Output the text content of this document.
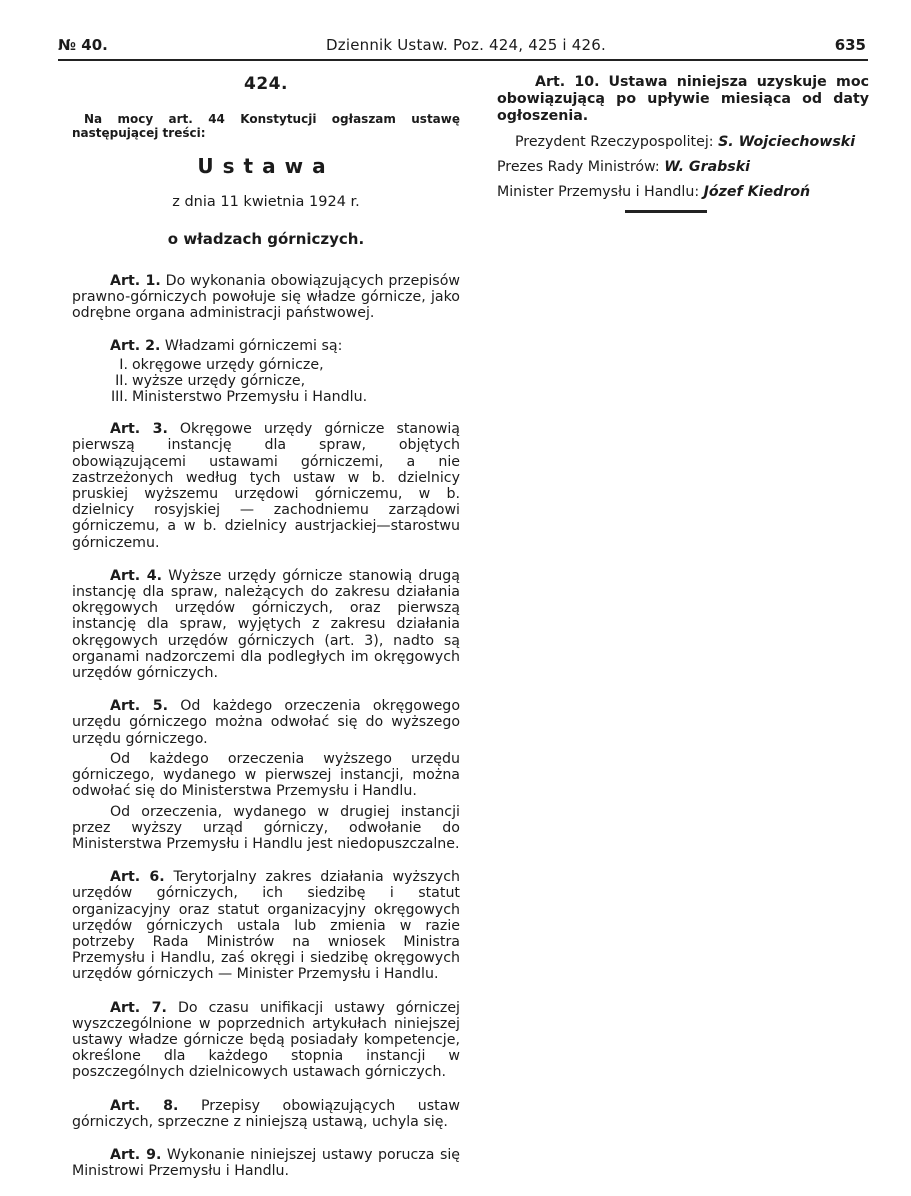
№ 40.	Dziennik Ustaw. Poz. 424, 425 i 426.	635
424.

Na mocy art. 44 Konstytucji ogłaszam ustawę następującej treści:

Ustawa
z dnia 11 kwietnia 1924 r.
o władzach górniczych.

Art. 1. Do wykonania obowiązujących przepisów prawno-górniczych powołuje się władze górnicze, jako odrębne organa administracji państwowej.

Art. 2. Władzami górniczemi są:

I. okręgowe urzędy górnicze,
II. wyższe urzędy górnicze,
III. Ministerstwo Przemysłu i Handlu.

Art. 3. Okręgowe urzędy górnicze stanowią pierwszą instancję dla spraw, objętych obowiązującemi ustawami górniczemi, a nie zastrzeżonych według tych ustaw w b. dzielnicy pruskiej wyższemu urzędowi górniczemu, w b. dzielnicy rosyjskiej — zachodniemu zarządowi górniczemu, a w b. dzielnicy austrjackiej—starostwu górniczemu.

Art. 4. Wyższe urzędy górnicze stanowią drugą instancję dla spraw, należących do zakresu działania okręgowych urzędów górniczych, oraz pierwszą instancję dla spraw, wyjętych z zakresu działania okręgowych urzędów górniczych (art. 3), nadto są organami nadzorczemi dla podległych im okręgowych urzędów górniczych.

Art. 5. Od każdego orzeczenia okręgowego urzędu górniczego można odwołać się do wyższego urzędu górniczego.

Od każdego orzeczenia wyższego urzędu górniczego, wydanego w pierwszej instancji, można odwołać się do Ministerstwa Przemysłu i Handlu.

Od orzeczenia, wydanego w drugiej instancji przez wyższy urząd górniczy, odwołanie do Ministerstwa Przemysłu i Handlu jest niedopuszczalne.

Art. 6. Terytorjalny zakres działania wyższych urzędów górniczych, ich siedzibę i statut organizacyjny oraz statut organizacyjny okręgowych urzędów górniczych ustala lub zmienia w razie potrzeby Rada Ministrów na wniosek Ministra Przemysłu i Handlu, zaś okręgi i siedzibę okręgowych urzędów górniczych — Minister Przemysłu i Handlu.

Art. 7. Do czasu unifikacji ustawy górniczej wyszczególnione w poprzednich artykułach niniejszej ustawy władze górnicze będą posiadały kompetencje, określone dla każdego stopnia instancji w poszczególnych dzielnicowych ustawach górniczych.

Art. 8. Przepisy obowiązujących ustaw górniczych, sprzeczne z niniejszą ustawą, uchyla się.

Art. 9. Wykonanie niniejszej ustawy porucza się Ministrowi Przemysłu i Handlu.

Art. 10. Ustawa niniejsza uzyskuje moc obowiązującą po upływie miesiąca od daty ogłoszenia.

Prezydent Rzeczypospolitej: S. Wojciechowski
Prezes Rady Ministrów: W. Grabski
Minister Przemysłu i Handlu: Józef Kiedroń
